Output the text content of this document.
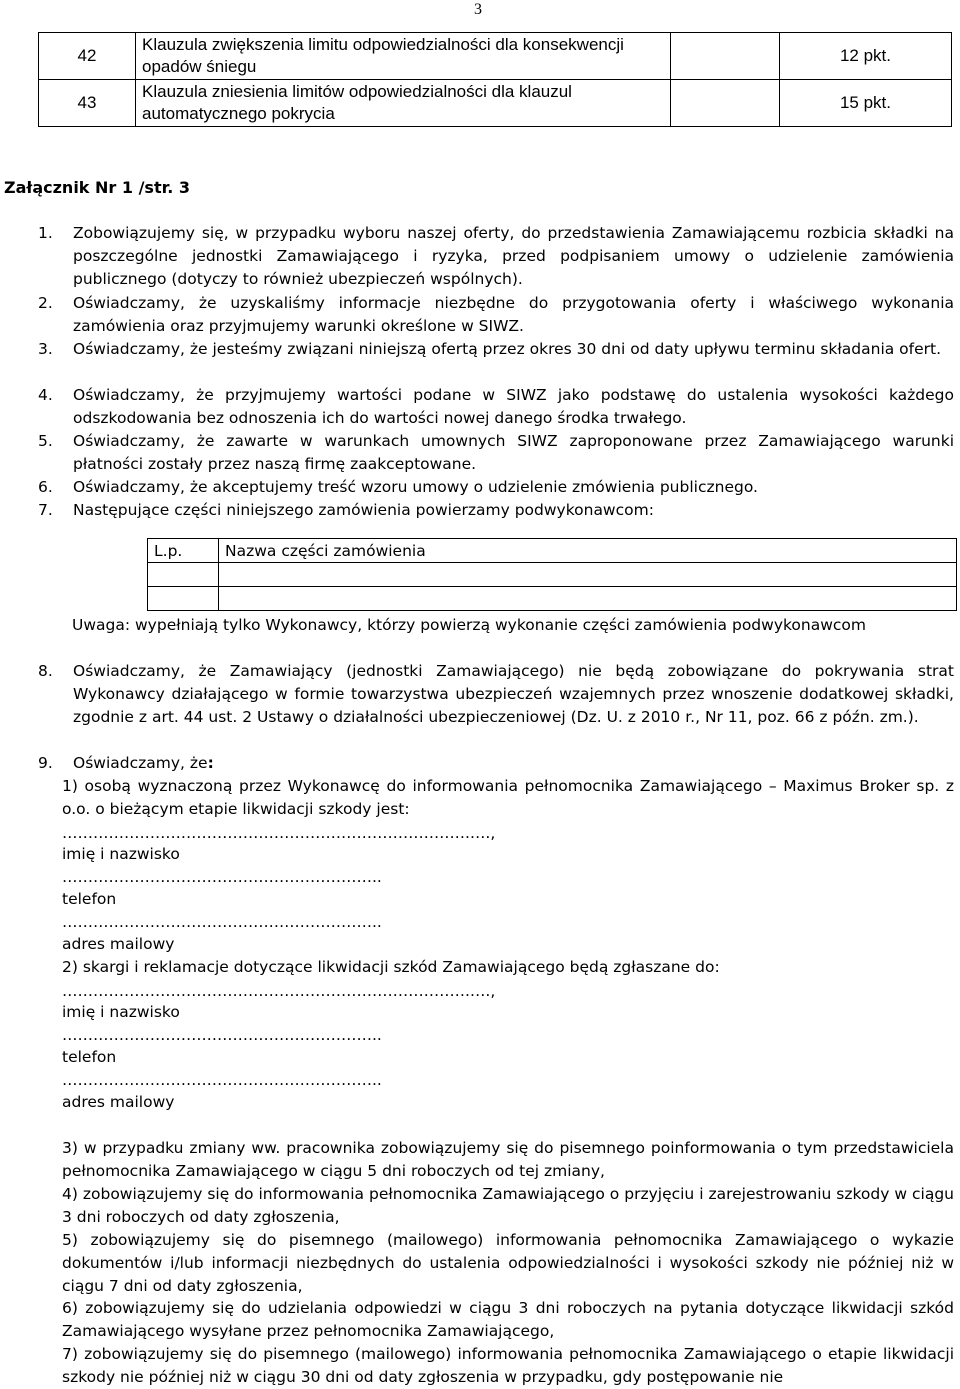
3
42	Klauzula zwiększenia limitu odpowiedzialności dla konsekwencji opadów śniegu		12 pkt.
43	Klauzula zniesienia limitów odpowiedzialności dla klauzul automatycznego pokrycia		15 pkt.
Załącznik Nr 1 /str. 3
1. Zobowiązujemy się, w przypadku wyboru naszej oferty, do przedstawienia Zamawiającemu rozbicia składki na poszczególne jednostki Zamawiającego i ryzyka, przed podpisaniem umowy o udzielenie zamówienia publicznego (dotyczy to również ubezpieczeń wspólnych).
2. Oświadczamy, że uzyskaliśmy informacje niezbędne do przygotowania oferty i właściwego wykonania zamówienia oraz przyjmujemy warunki określone w SIWZ.
3. Oświadczamy, że jesteśmy związani niniejszą ofertą przez okres 30 dni od daty upływu terminu składania ofert.
4. Oświadczamy, że przyjmujemy wartości podane w SIWZ jako podstawę do ustalenia wysokości każdego odszkodowania bez odnoszenia ich do wartości nowej danego środka trwałego.
5. Oświadczamy, że zawarte w warunkach umownych SIWZ zaproponowane przez Zamawiającego warunki płatności zostały przez naszą firmę zaakceptowane.
6. Oświadczamy, że akceptujemy treść wzoru umowy o udzielenie zmówienia publicznego.
7. Następujące części niniejszego zamówienia powierzamy podwykonawcom:
L.p.	Nazwa części zamówienia

Uwaga: wypełniają tylko Wykonawcy, którzy powierzą wykonanie części zamówienia podwykonawcom
8. Oświadczamy, że Zamawiający (jednostki Zamawiającego) nie będą zobowiązane do pokrywania strat Wykonawcy działającego w formie towarzystwa ubezpieczeń wzajemnych przez wnoszenie dodatkowej składki, zgodnie z art. 44 ust. 2 Ustawy o działalności ubezpieczeniowej (Dz. U. z 2010 r., Nr 11, poz. 66 z późn. zm.).
9. Oświadczamy, że:
1) osobą wyznaczoną przez Wykonawcę do informowania pełnomocnika Zamawiającego – Maximus Broker sp. z o.o. o bieżącym etapie likwidacji szkody jest:
…………………………………………………………………….….,
imię i nazwisko
……………………………………………………..
telefon
……………………………………………………..
adres mailowy
2) skargi i reklamacje dotyczące likwidacji szkód Zamawiającego będą zgłaszane do:
…………………………………………………………………….….,
imię i nazwisko
……………………………………………………..
telefon
……………………………………………………..
adres mailowy
3) w przypadku zmiany ww. pracownika zobowiązujemy się do pisemnego poinformowania o tym przedstawiciela pełnomocnika Zamawiającego w ciągu 5 dni roboczych od tej zmiany,
4) zobowiązujemy się do informowania pełnomocnika Zamawiającego o przyjęciu i zarejestrowaniu szkody w ciągu 3 dni roboczych od daty zgłoszenia,
5) zobowiązujemy się do pisemnego (mailowego) informowania pełnomocnika Zamawiającego o wykazie dokumentów i/lub informacji niezbędnych do ustalenia odpowiedzialności i wysokości szkody nie później niż w ciągu 7 dni od daty zgłoszenia,
6) zobowiązujemy się do udzielania odpowiedzi w ciągu 3 dni roboczych na pytania dotyczące likwidacji szkód Zamawiającego wysyłane przez pełnomocnika Zamawiającego,
7) zobowiązujemy się do pisemnego (mailowego) informowania pełnomocnika Zamawiającego o etapie likwidacji szkody nie później niż w ciągu 30 dni od daty zgłoszenia w przypadku, gdy postępowanie nie
